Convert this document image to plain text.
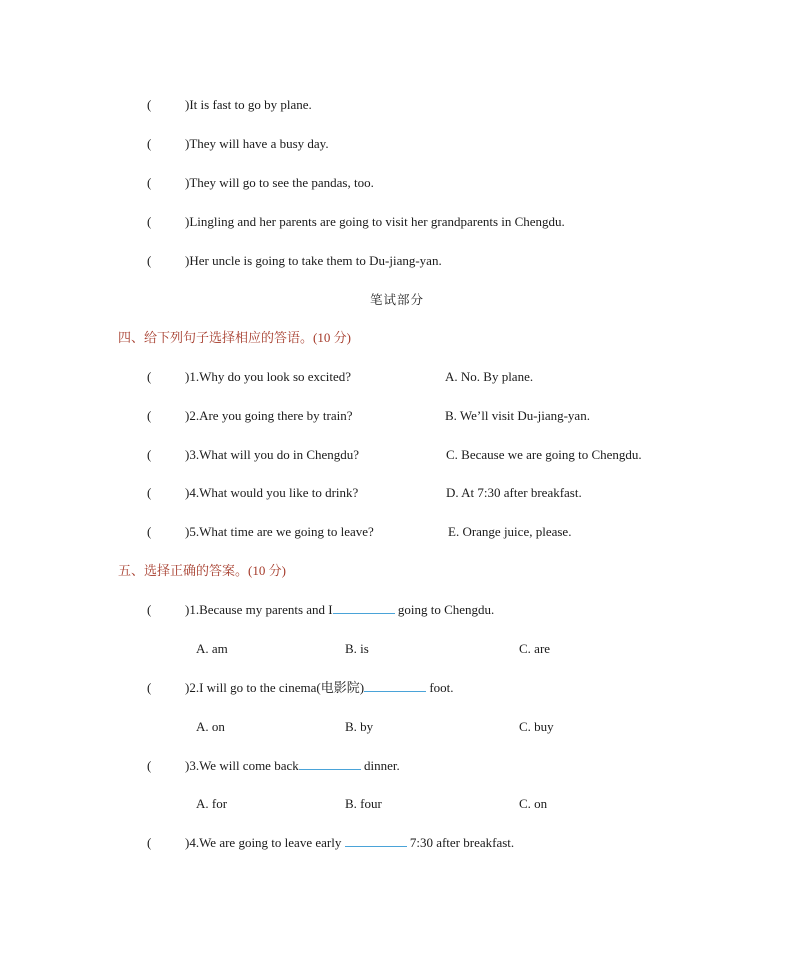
(	)It is fast to go by plane.
(	)They will have a busy day.
(	)They will go to see the pandas, too.
(	)Lingling and her parents are going to visit her grandparents in Chengdu.
(	)Her uncle is going to take them to Du-jiang-yan.
笔试部分
四、给下列句子选择相应的答语。(10 分)
(	)1.Why do you look so excited?	A. No. By plane.
(	)2.Are you going there by train?	B. We’ll visit Du-jiang-yan.
(	)3.What will you do in Chengdu?	C. Because we are going to Chengdu.
(	)4.What would you like to drink?	D. At 7:30 after breakfast.
(	)5.What time are we going to leave?	E. Orange juice, please.
五、选择正确的答案。(10 分)
(	)1.Because my parents and I	going to Chengdu.
A. am	B. is	C. are
(	)2.I will go to the cinema(电影院)	foot.
A. on	B. by	C. buy
(	)3.We will come back	dinner.
A. for	B. four	C. on
(	)4.We are going to leave early	7:30 after breakfast.
